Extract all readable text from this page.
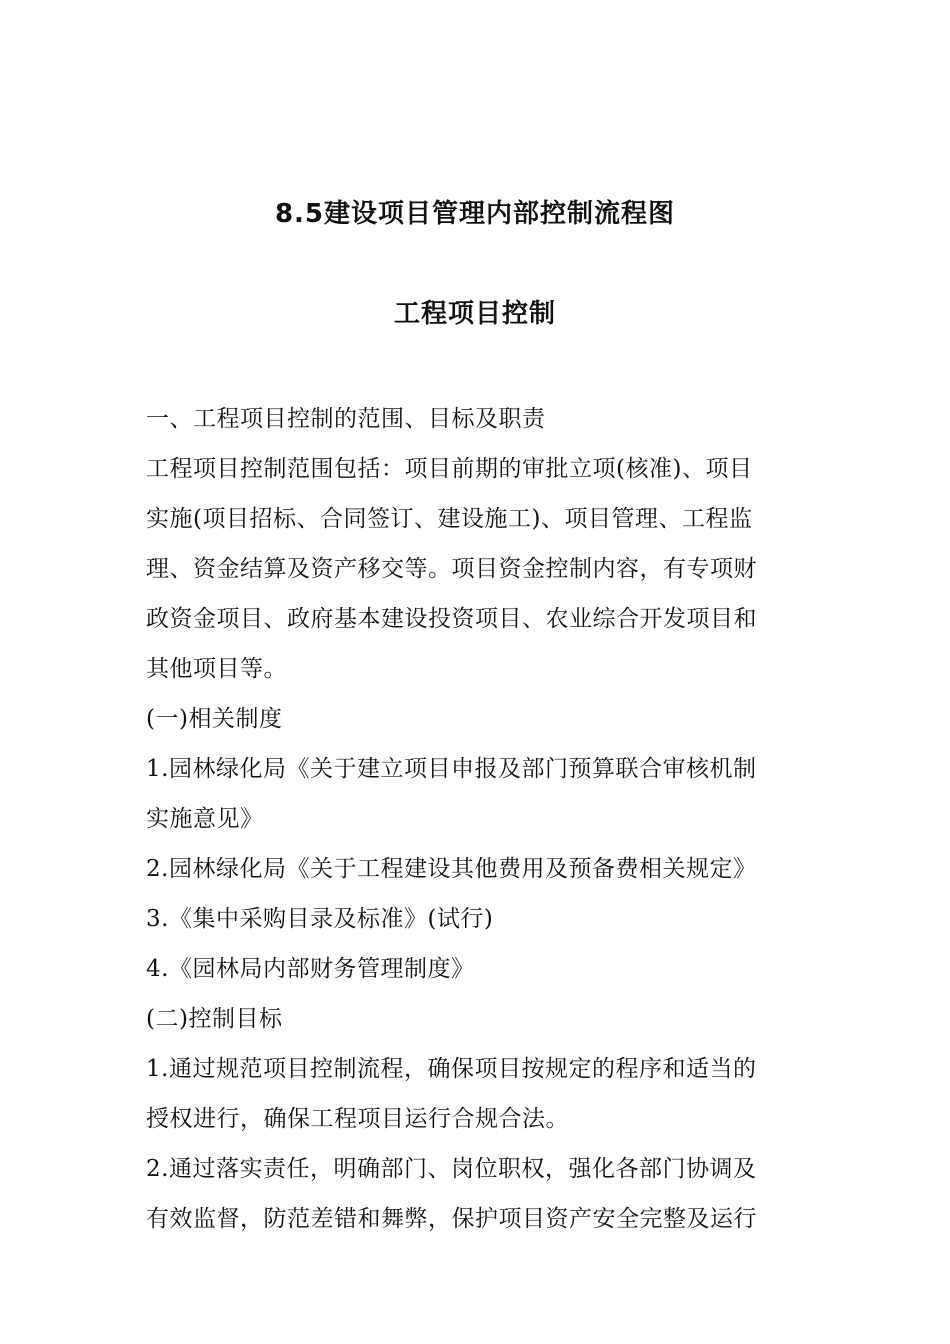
8.5建设项目管理内部控制流程图
工程项目控制

一、工程项目控制的范围、目标及职责

工程项目控制范围包括：项目前期的审批立项(核准)、项目

实施(项目招标、合同签订、建设施工)、项目管理、工程监

理、资金结算及资产移交等。项目资金控制内容，有专项财

政资金项目、政府基本建设投资项目、农业综合开发项目和

其他项目等。

(一)相关制度

1.园林绿化局《关于建立项目申报及部门预算联合审核机制

实施意见》

2.园林绿化局《关于工程建设其他费用及预备费相关规定》

3.《集中采购目录及标准》(试行)

4.《园林局内部财务管理制度》

(二)控制目标

1.通过规范项目控制流程，确保项目按规定的程序和适当的

授权进行，确保工程项目运行合规合法。

2.通过落实责任，明确部门、岗位职权，强化各部门协调及

有效监督，防范差错和舞弊，保护项目资产安全完整及运行
